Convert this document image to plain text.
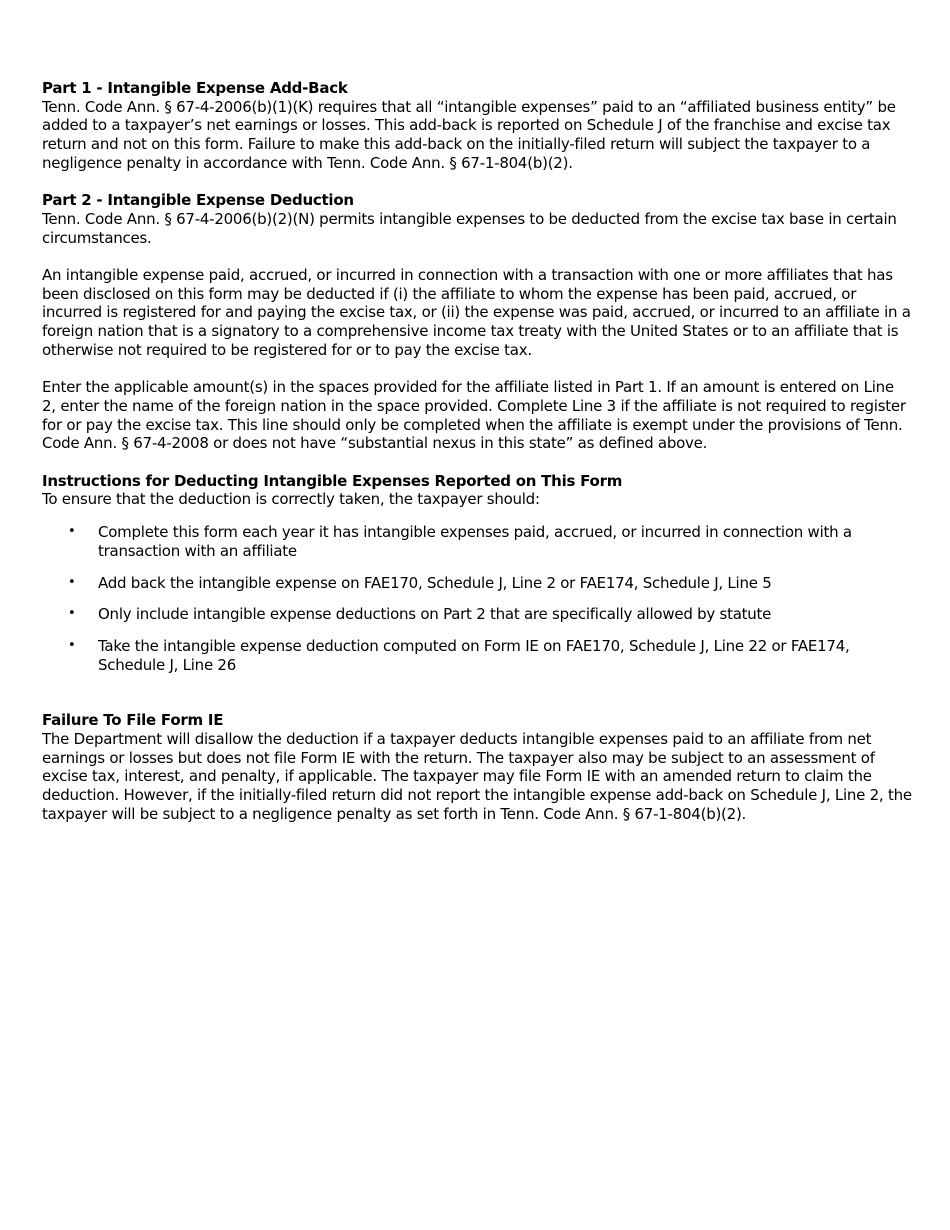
Part 1 - Intangible Expense Add-Back

Tenn. Code Ann. § 67-4-2006(b)(1)(K) requires that all “intangible expenses” paid to an “affiliated business entity” be added to a taxpayer’s net earnings or losses. This add-back is reported on Schedule J of the franchise and excise tax return and not on this form. Failure to make this add-back on the initially-filed return will subject the taxpayer to a negligence penalty in accordance with Tenn. Code Ann. § 67-1-804(b)(2).

Part 2 - Intangible Expense Deduction

Tenn. Code Ann. § 67-4-2006(b)(2)(N) permits intangible expenses to be deducted from the excise tax base in certain circumstances.

An intangible expense paid, accrued, or incurred in connection with a transaction with one or more affiliates that has been disclosed on this form may be deducted if (i) the affiliate to whom the expense has been paid, accrued, or incurred is registered for and paying the excise tax, or (ii) the expense was paid, accrued, or incurred to an affiliate in a foreign nation that is a signatory to a comprehensive income tax treaty with the United States or to an affiliate that is otherwise not required to be registered for or to pay the excise tax.

Enter the applicable amount(s) in the spaces provided for the affiliate listed in Part 1. If an amount is entered on Line 2, enter the name of the foreign nation in the space provided. Complete Line 3 if the affiliate is not required to register for or pay the excise tax. This line should only be completed when the affiliate is exempt under the provisions of Tenn. Code Ann. § 67-4-2008 or does not have “substantial nexus in this state” as defined above.

Instructions for Deducting Intangible Expenses Reported on This Form

To ensure that the deduction is correctly taken, the taxpayer should:

• Complete this form each year it has intangible expenses paid, accrued, or incurred in connection with a transaction with an affiliate
• Add back the intangible expense on FAE170, Schedule J, Line 2 or FAE174, Schedule J, Line 5
• Only include intangible expense deductions on Part 2 that are specifically allowed by statute
• Take the intangible expense deduction computed on Form IE on FAE170, Schedule J, Line 22 or FAE174, Schedule J, Line 26

Failure To File Form IE

The Department will disallow the deduction if a taxpayer deducts intangible expenses paid to an affiliate from net earnings or losses but does not file Form IE with the return. The taxpayer also may be subject to an assessment of excise tax, interest, and penalty, if applicable. The taxpayer may file Form IE with an amended return to claim the deduction. However, if the initially-filed return did not report the intangible expense add-back on Schedule J, Line 2, the taxpayer will be subject to a negligence penalty as set forth in Tenn. Code Ann. § 67-1-804(b)(2).
